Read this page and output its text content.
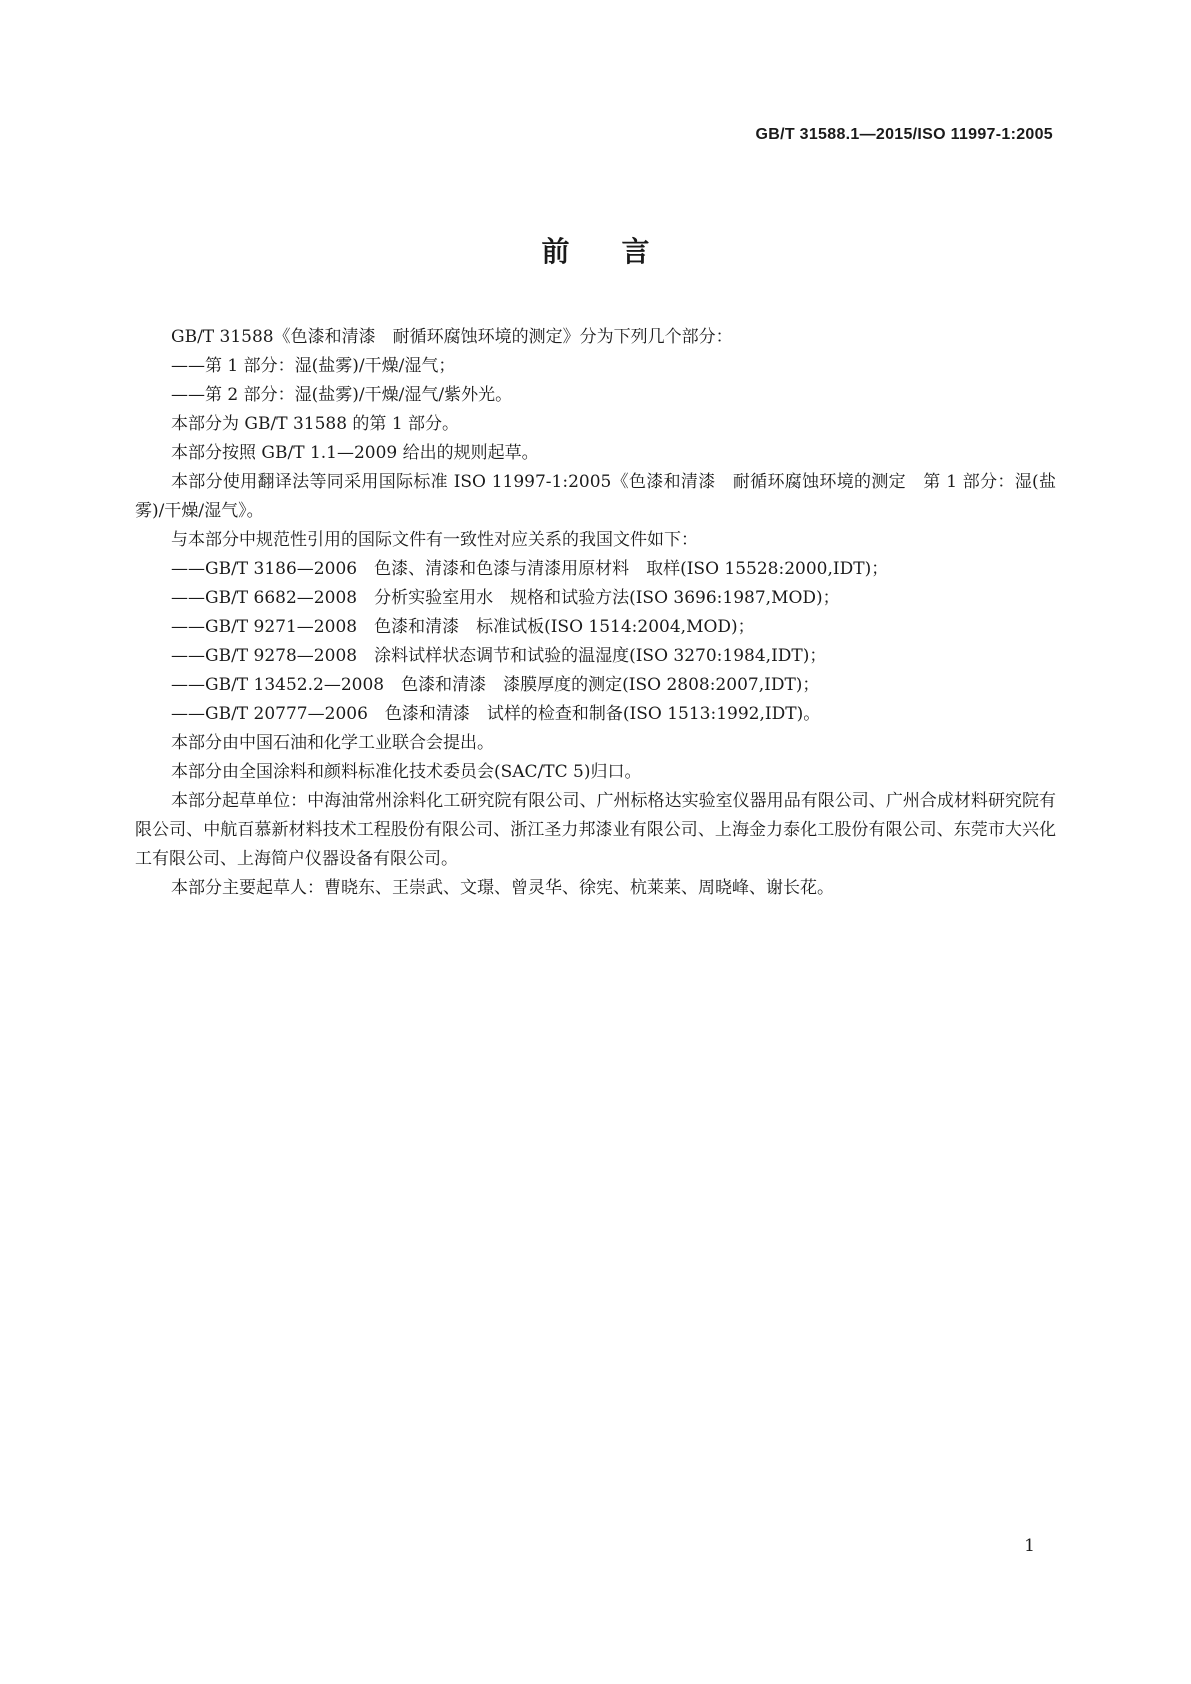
GB/T 31588.1—2015/ISO 11997-1:2005
前言

GB/T 31588《色漆和清漆　耐循环腐蚀环境的测定》分为下列几个部分：

——第 1 部分：湿(盐雾)/干燥/湿气；

——第 2 部分：湿(盐雾)/干燥/湿气/紫外光。

本部分为 GB/T 31588 的第 1 部分。

本部分按照 GB/T 1.1—2009 给出的规则起草。

本部分使用翻译法等同采用国际标准 ISO 11997-1:2005《色漆和清漆　耐循环腐蚀环境的测定　第 1 部分：湿(盐雾)/干燥/湿气》。

与本部分中规范性引用的国际文件有一致性对应关系的我国文件如下：

——GB/T 3186—2006　色漆、清漆和色漆与清漆用原材料　取样(ISO 15528:2000,IDT)；

——GB/T 6682—2008　分析实验室用水　规格和试验方法(ISO 3696:1987,MOD)；

——GB/T 9271—2008　色漆和清漆　标准试板(ISO 1514:2004,MOD)；

——GB/T 9278—2008　涂料试样状态调节和试验的温湿度(ISO 3270:1984,IDT)；

——GB/T 13452.2—2008　色漆和清漆　漆膜厚度的测定(ISO 2808:2007,IDT)；

——GB/T 20777—2006　色漆和清漆　试样的检查和制备(ISO 1513:1992,IDT)。

本部分由中国石油和化学工业联合会提出。

本部分由全国涂料和颜料标准化技术委员会(SAC/TC 5)归口。

本部分起草单位：中海油常州涂料化工研究院有限公司、广州标格达实验室仪器用品有限公司、广州合成材料研究院有限公司、中航百慕新材料技术工程股份有限公司、浙江圣力邦漆业有限公司、上海金力泰化工股份有限公司、东莞市大兴化工有限公司、上海简户仪器设备有限公司。

本部分主要起草人：曹晓东、王崇武、文璟、曾灵华、徐宪、杭莱莱、周晓峰、谢长花。

1
